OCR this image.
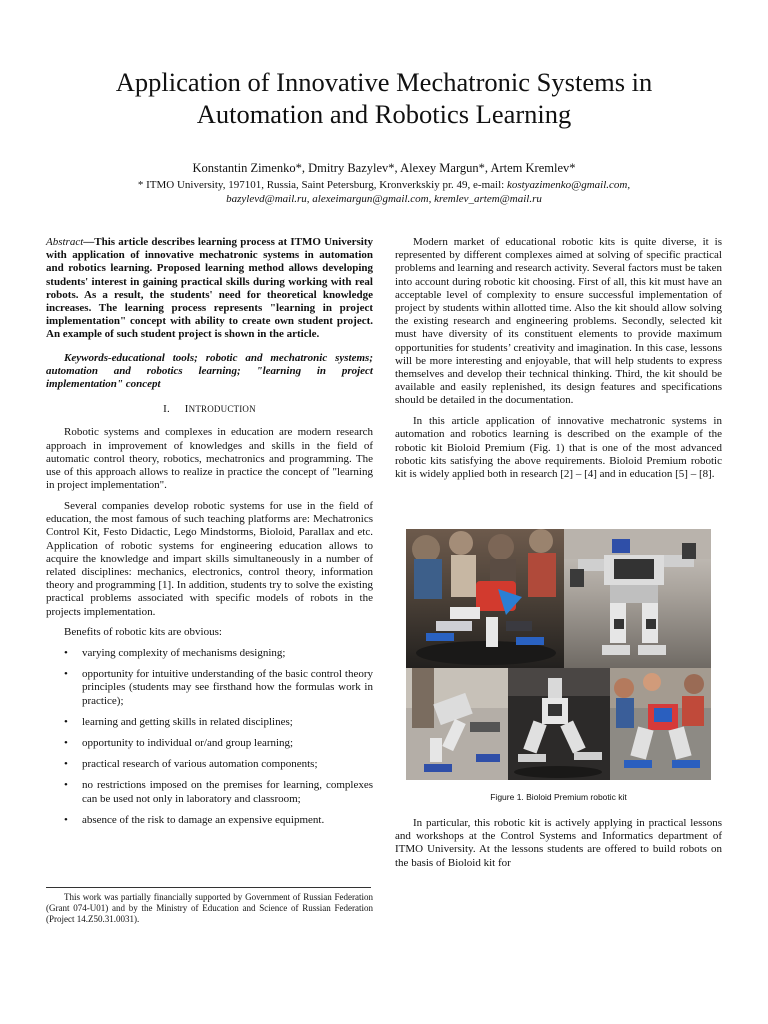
Application of Innovative Mechatronic Systems in
Automation and Robotics Learning
Konstantin Zimenko*, Dmitry Bazylev*, Alexey Margun*, Artem Kremlev*
* ITMO University, 197101, Russia, Saint Petersburg, Kronverkskiy pr. 49, e-mail: kostyazimenko@gmail.com,
bazylevd@mail.ru, alexeimargun@gmail.com, kremlev_artem@mail.ru

Abstract—This article describes learning process at ITMO University with application of innovative mechatronic systems in automation and robotics learning. Proposed learning method allows developing students' interest in gaining practical skills during working with real robots. As a result, the students' need for theoretical knowledge increases. The learning process represents "learning in project implementation" concept with ability to create own student project. An example of such student project is shown in the article.

Keywords-educational tools; robotic and mechatronic systems; automation and robotics learning; "learning in project implementation" concept

I. INTRODUCTION

Robotic systems and complexes in education are modern research approach in improvement of knowledges and skills in the field of automatic control theory, robotics, mechatronics and programming. The use of this approach allows to realize in practice the concept of "learning in project implementation".

Several companies develop robotic systems for use in the field of education, the most famous of such teaching platforms are: Mechatronics Control Kit, Festo Didactic, Lego Mindstorms, Bioloid, Parallax and etc. Application of robotic systems for engineering education allows to acquire the knowledge and impart skills simultaneously in a number of related disciplines: mechanics, electronics, control theory, information theory and programming [1]. In addition, students try to solve the existing practical problems associated with specific models of robots in the projects implementation.

Benefits of robotic kits are obvious:

• varying complexity of mechanisms designing;
• opportunity for intuitive understanding of the basic control theory principles (students may see firsthand how the formulas work in practice);
• learning and getting skills in related disciplines;
• opportunity to individual or/and group learning;
• practical research of various automation components;
• no restrictions imposed on the premises for learning, complexes can be used not only in laboratory and classroom;
• absence of the risk to damage an expensive equipment.
This work was partially financially supported by Government of Russian Federation (Grant 074-U01) and by the Ministry of Education and Science of Russian Federation (Project 14.Z50.31.0031).

Modern market of educational robotic kits is quite diverse, it is represented by different complexes aimed at solving of specific practical problems and learning and research activity. Several factors must be taken into account during robotic kit choosing. First of all, this kit must have an acceptable level of complexity to ensure successful implementation of project by students within allotted time. Also the kit should allow solving the existing research and engineering problems. Secondly, selected kit must have diversity of its constituent elements to provide maximum opportunities for students’ creativity and imagination. In this case, lessons will be more interesting and enjoyable, that will help students to express themselves and develop their technical thinking. Third, the kit should be available and easily replenished, its design features and specifications should be detailed in the documentation.

In this article application of innovative mechatronic systems in automation and robotics learning is described on the example of the robotic kit Bioloid Premium (Fig. 1) that is one of the most advanced robotic kits satisfying the above requirements. Bioloid Premium robotic kit is widely applied both in research [2] – [4] and in education [5] – [8].

Figure 1. Bioloid Premium robotic kit

In particular, this robotic kit is actively applying in practical lessons and workshops at the Control Systems and Informatics department of ITMO University. At the lessons students are offered to build robots on the basis of Bioloid kit for
